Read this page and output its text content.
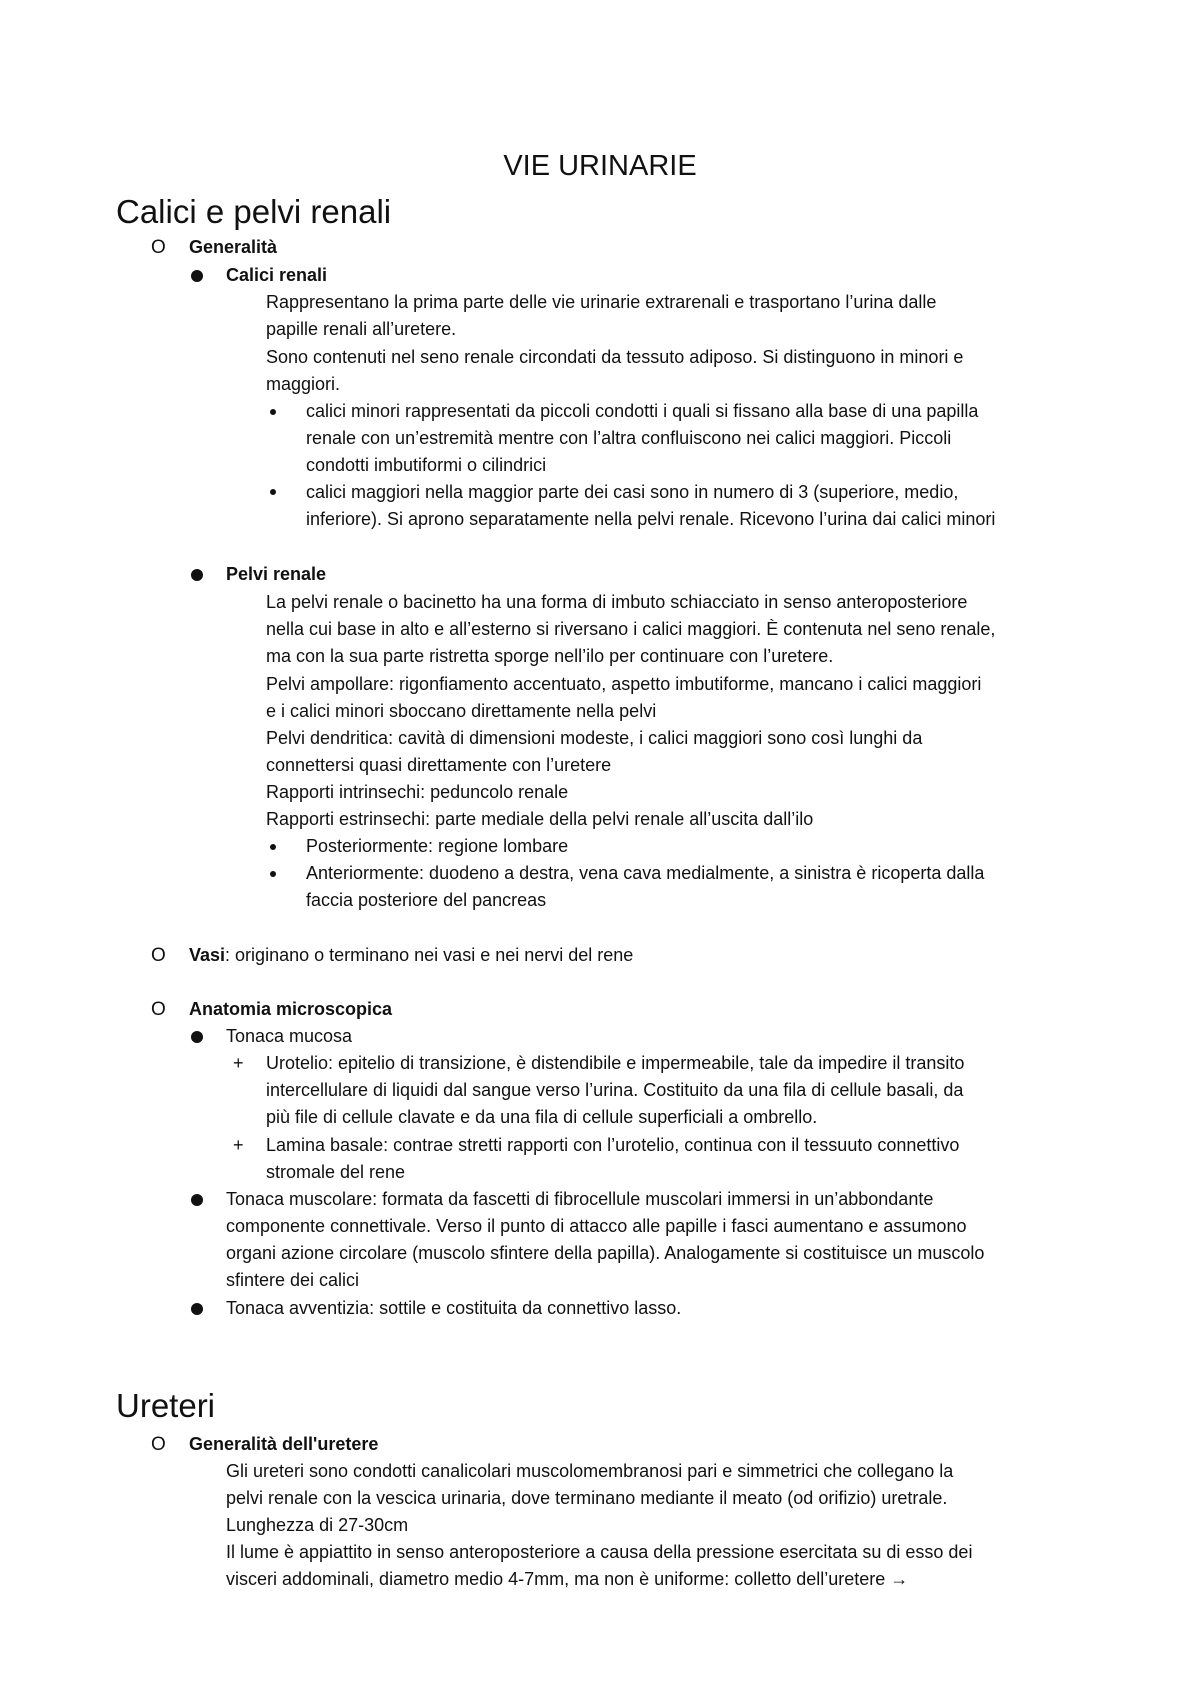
VIE URINARIE
Calici e pelvi renali
O Generalità
Calici renali
Rappresentano la prima parte delle vie urinarie extrarenali e trasportano l’urina dalle
papille renali all’uretere.
Sono contenuti nel seno renale circondati da tessuto adiposo. Si distinguono in minori e
maggiori.
calici minori rappresentati da piccoli condotti i quali si fissano alla base di una papilla
renale con un’estremità mentre con l’altra confluiscono nei calici maggiori. Piccoli
condotti imbutiformi o cilindrici
calici maggiori nella maggior parte dei casi sono in numero di 3 (superiore, medio,
inferiore). Si aprono separatamente nella pelvi renale. Ricevono l’urina dai calici minori
Pelvi renale
La pelvi renale o bacinetto ha una forma di imbuto schiacciato in senso anteroposteriore
nella cui base in alto e all’esterno si riversano i calici maggiori. È contenuta nel seno renale,
ma con la sua parte ristretta sporge nell’ilo per continuare con l’uretere.
Pelvi ampollare: rigonfiamento accentuato, aspetto imbutiforme, mancano i calici maggiori
e i calici minori sboccano direttamente nella pelvi
Pelvi dendritica: cavità di dimensioni modeste, i calici maggiori sono così lunghi da
connettersi quasi direttamente con l’uretere
Rapporti intrinsechi: peduncolo renale
Rapporti estrinsechi: parte mediale della pelvi renale all’uscita dall’ilo
Posteriormente: regione lombare
Anteriormente: duodeno a destra, vena cava medialmente, a sinistra è ricoperta dalla
faccia posteriore del pancreas
O Vasi: originano o terminano nei vasi e nei nervi del rene
O Anatomia microscopica
Tonaca mucosa
+ Urotelio: epitelio di transizione, è distendibile e impermeabile, tale da impedire il transito
intercellulare di liquidi dal sangue verso l’urina. Costituito da una fila di cellule basali, da
più file di cellule clavate e da una fila di cellule superficiali a ombrello.
+ Lamina basale: contrae stretti rapporti con l’urotelio, continua con il tessuuto connettivo
stromale del rene
Tonaca muscolare: formata da fascetti di fibrocellule muscolari immersi in un’abbondante
componente connettivale. Verso il punto di attacco alle papille i fasci aumentano e assumono
organi azione circolare (muscolo sfintere della papilla). Analogamente si costituisce un muscolo
sfintere dei calici
Tonaca avventizia: sottile e costituita da connettivo lasso.
Ureteri
O Generalità dell'uretere
Gli ureteri sono condotti canalicolari muscolomembranosi pari e simmetrici che collegano la
pelvi renale con la vescica urinaria, dove terminano mediante il meato (od orifizio) uretrale.
Lunghezza di 27-30cm
Il lume è appiattito in senso anteroposteriore a causa della pressione esercitata su di esso dei
visceri addominali, diametro medio 4-7mm, ma non è uniforme: colletto dell’uretere →
